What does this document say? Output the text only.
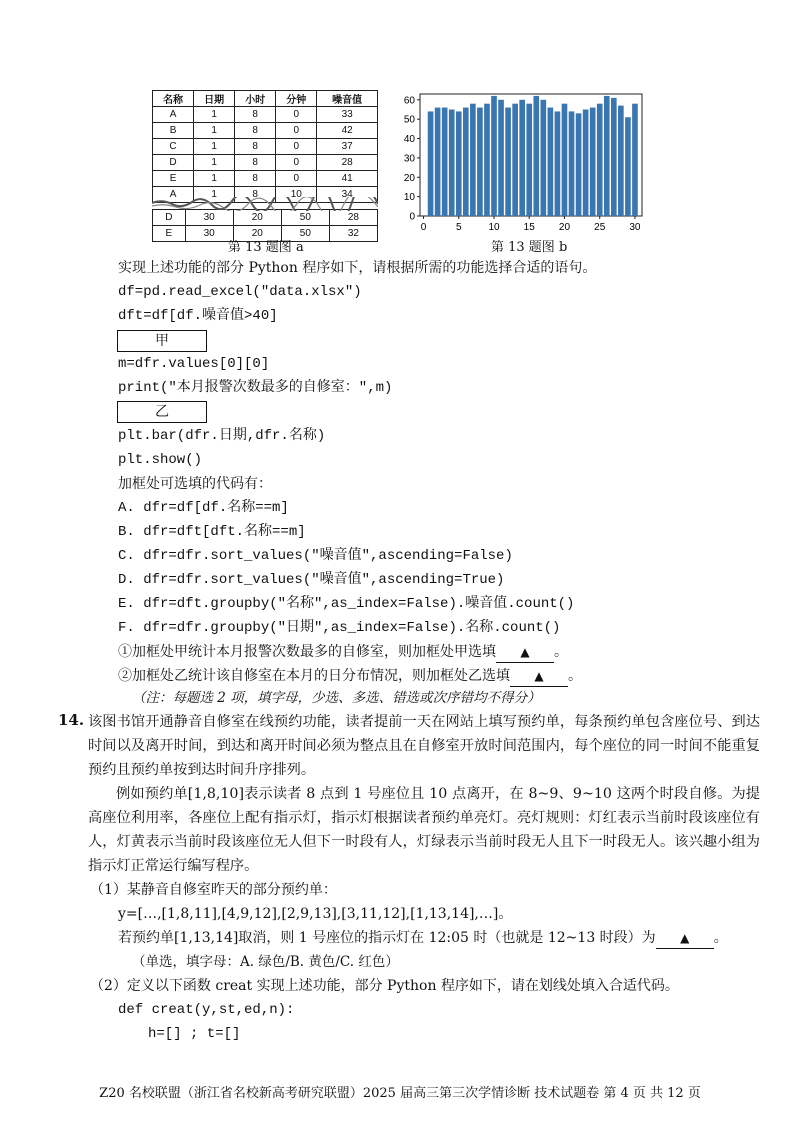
名称	日期	小时	分钟	噪音值
A	1	8	0	33
B	1	8	0	42
C	1	8	0	37
D	1	8	0	28
E	1	8	0	41
A	1	8	10	34
D	30	20	50	28
E	30	20	50	32
第 13 题图 a
0	5	10 15 20 25 30
0
10
20
30
40
50
60
第 13 题图 b
实现上述功能的部分 Python 程序如下，请根据所需的功能选择合适的语句。
df=pd.read_excel("data.xlsx")
dft=df[df.噪音值>40]
甲
m=dfr.values[0][0]
print("本月报警次数最多的自修室：",m)
乙
plt.bar(dfr.日期,dfr.名称)
plt.show()
加框处可选填的代码有：
A. dfr=df[df.名称==m]
B. dfr=dft[dft.名称==m]
C. dfr=dfr.sort_values("噪音值",ascending=False)
D. dfr=dfr.sort_values("噪音值",ascending=True)
E. dfr=dft.groupby("名称",as_index=False).噪音值.count()
F. dfr=dfr.groupby("日期",as_index=False).名称.count()
①加框处甲统计本月报警次数最多的自修室，则加框处甲选填 ▲ 。
②加框处乙统计该自修室在本月的日分布情况，则加框处乙选填 ▲ 。
（注：每题选 2 项，填字母，少选、多选、错选或次序错均不得分）
14. 该图书馆开通静音自修室在线预约功能，读者提前一天在网站上填写预约单，每条预约单包含座位号、到达时间以及离开时间，到达和离开时间必须为整点且在自修室开放时间范围内，每个座位的同一时间不能重复预约且预约单按到达时间升序排列。
例如预约单[1,8,10]表示读者 8 点到 1 号座位且 10 点离开，在 8~9、9~10 这两个时段自修。为提高座位利用率，各座位上配有指示灯，指示灯根据读者预约单亮灯。亮灯规则：灯红表示当前时段该座位有人，灯黄表示当前时段该座位无人但下一时段有人，灯绿表示当前时段无人且下一时段无人。该兴趣小组为指示灯正常运行编写程序。
（1）某静音自修室昨天的部分预约单：
y=[…,[1,8,11],[4,9,12],[2,9,13],[3,11,12],[1,13,14],…]。
若预约单[1,13,14]取消，则 1 号座位的指示灯在 12:05 时（也就是 12~13 时段）为 ▲ 。
（单选，填字母：A. 绿色/B. 黄色/C. 红色）
（2）定义以下函数 creat 实现上述功能，部分 Python 程序如下，请在划线处填入合适代码。
def creat(y,st,ed,n):
h=[] ; t=[]
Z20 名校联盟（浙江省名校新高考研究联盟）2025 届高三第三次学情诊断 技术试题卷 第 4 页 共 12 页
